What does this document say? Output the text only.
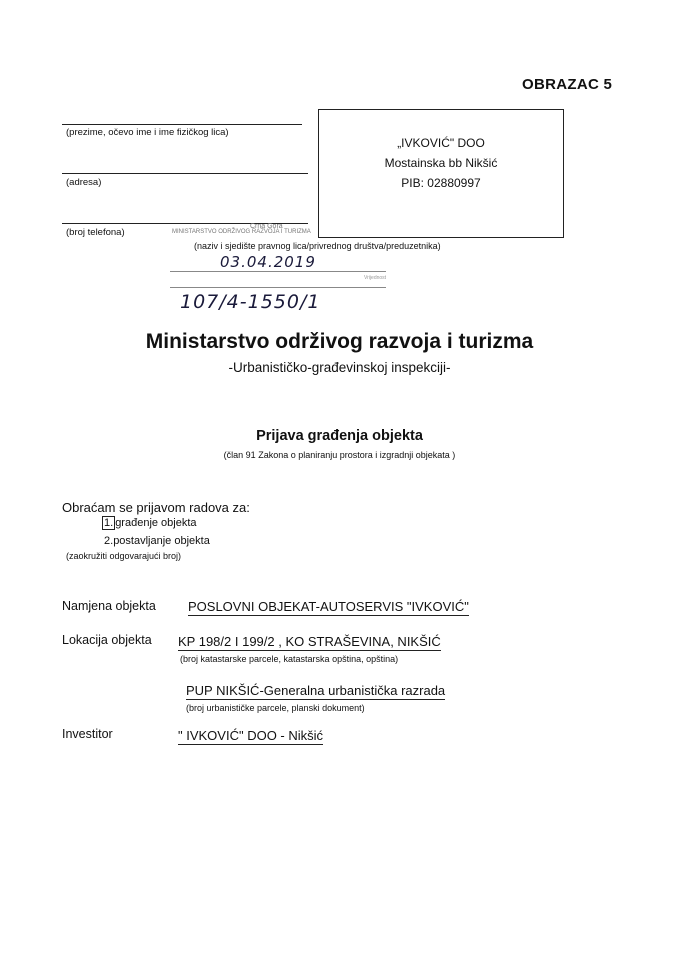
OBRAZAC 5
(prezime, očevo ime i ime fizičkog lica)
(adresa)
(broj telefona)
„IVKOVIĆ" DOO
Mostainska bb Nikšić
PIB: 02880997
(naziv i sjedište pravnog lica/privrednog društva/preduzetnika)
MINISTARSTVO ODRŽIVOG RAZVOJA I TURIZMA
Crna Gora
Vrijednost
03.04.2019
107/4-1550/1
Ministarstvo održivog razvoja i turizma
-Urbanističko-građevinskoj inspekciji-
Prijava građenja objekta
(član 91 Zakona o planiranju prostora i izgradnji objekata )
Obraćam se prijavom radova za:
1. građenje objekta
2.postavljanje objekta
(zaokružiti odgovarajući broj)
Namjena objekta POSLOVNI OBJEKAT-AUTOSERVIS "IVKOVIĆ"
Lokacija objekta KP 198/2 I 199/2 , KO STRAŠEVINA, NIKŠIĆ
(broj katastarske parcele, katastarska opština, opština)
PUP NIKŠIĆ-Generalna urbanistička razrada
(broj urbanističke parcele, planski dokument)
Investitor	" IVKOVIĆ" DOO - Nikšić
